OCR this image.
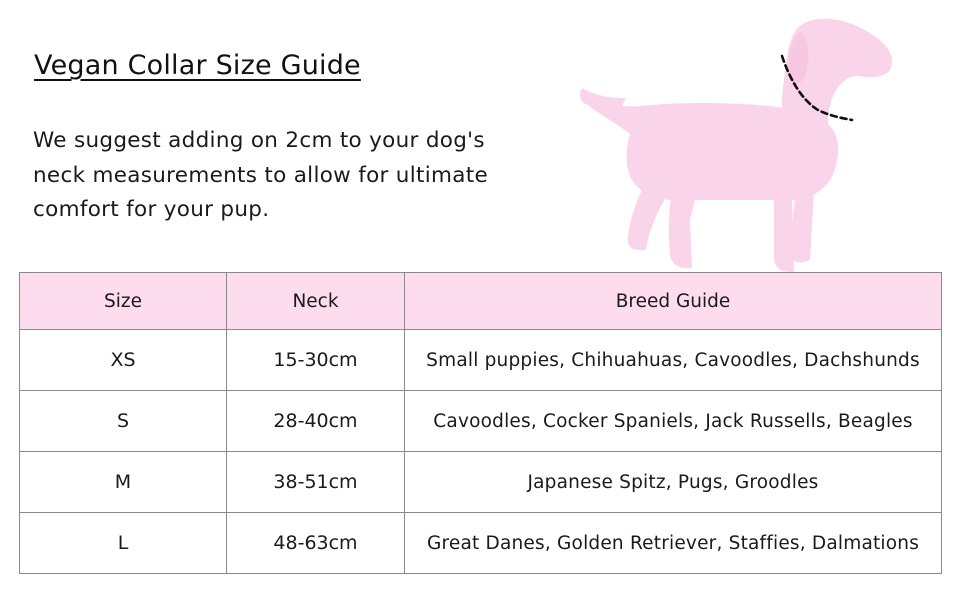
Vegan Collar Size Guide
We suggest adding on 2cm to your dog's
neck measurements to allow for ultimate
comfort for your pup.
Size	Neck	Breed Guide
XS	15-30cm	Small puppies, Chihuahuas, Cavoodles, Dachshunds
S	28-40cm	Cavoodles, Cocker Spaniels, Jack Russells, Beagles
M	38-51cm	Japanese Spitz, Pugs, Groodles
L	48-63cm	Great Danes, Golden Retriever, Staffies, Dalmations
